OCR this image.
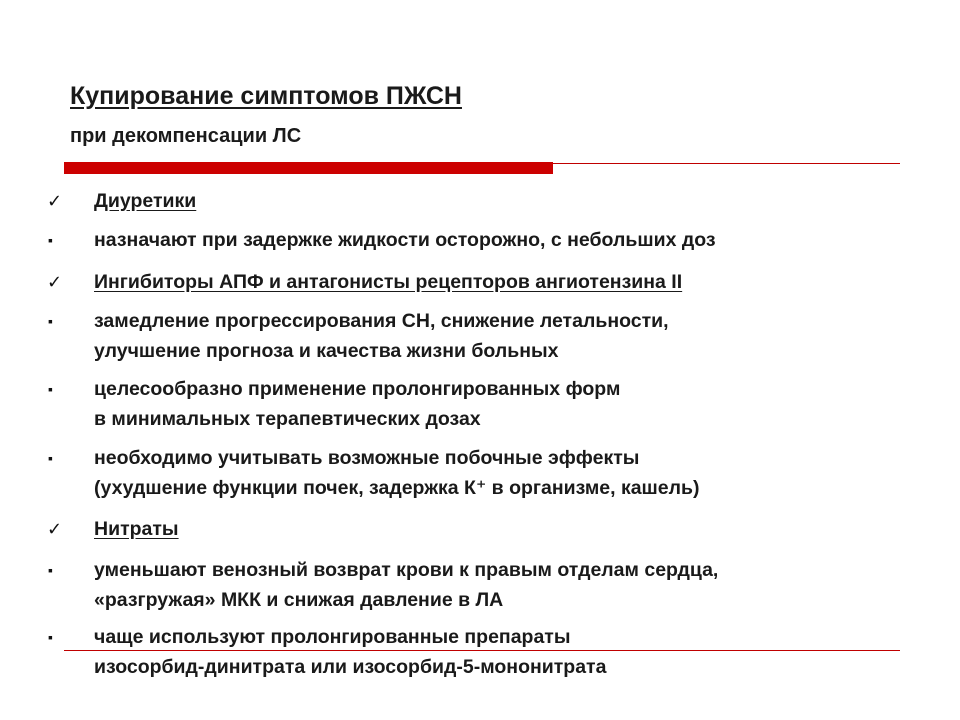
Купирование симптомов ПЖСН
при декомпенсации ЛС
✓ Диуретики
▪ назначают при задержке жидкости осторожно, с небольших доз
✓ Ингибиторы АПФ и антагонисты рецепторов ангиотензина II
▪ замедление прогрессирования СН, снижение летальности,
улучшение прогноза и качества жизни больных
▪ целесообразно применение пролонгированных форм
в минимальных терапевтических дозах
▪ необходимо учитывать возможные побочные эффекты
(ухудшение функции почек, задержка К⁺ в организме, кашель)
✓ Нитраты
▪ уменьшают венозный возврат крови к правым отделам сердца,
«разгружая» МКК и снижая давление в ЛА
▪ чаще используют пролонгированные препараты
изосорбид-динитрата или изосорбид-5-мононитрата
